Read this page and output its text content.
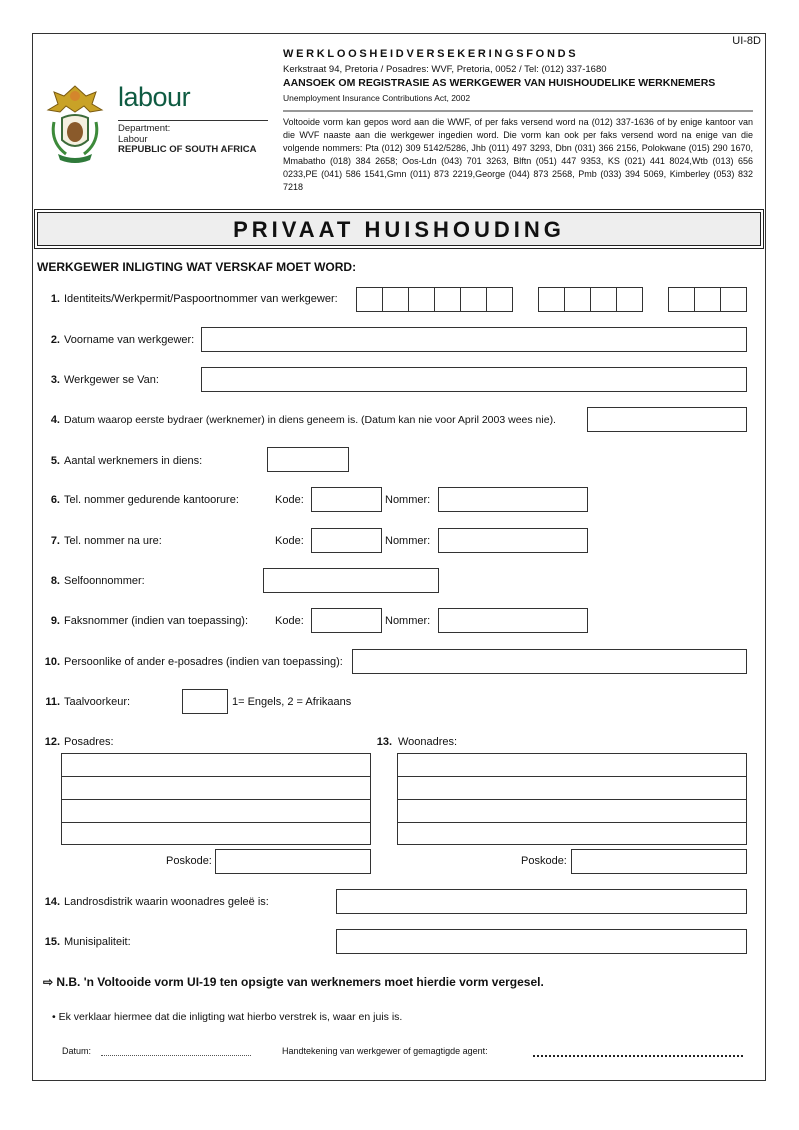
UI-8D
labour
Department:
Labour
REPUBLIC OF SOUTH AFRICA
WERKLOOSHEIDVERSEKERINGSFONDS
Kerkstraat 94, Pretoria / Posadres: WVF, Pretoria, 0052 / Tel: (012) 337-1680
AANSOEK OM REGISTRASIE AS WERKGEWER VAN HUISHOUDELIKE WERKNEMERS
Unemployment Insurance Contributions Act, 2002
Voltooide vorm kan gepos word aan die WWF, of per faks versend word na (012) 337-1636 of by enige kantoor van die WVF naaste aan die werkgewer ingedien word. Die vorm kan ook per faks versend word na enige van die volgende nommers: Pta (012) 309 5142/5286, Jhb (011) 497 3293, Dbn (031) 366 2156, Polokwane (015) 290 1670, Mmabatho (018) 384 2658; Oos-Ldn (043) 701 3263, Blftn (051) 447 9353, KS (021) 441 8024,Wtb (013) 656 0233,PE (041) 586 1541,Gmn (011) 873 2219,George (044) 873 2568, Pmb (033) 394 5069, Kimberley (053) 832 7218
PRIVAAT HUISHOUDING
WERKGEWER INLIGTING WAT VERSKAF MOET WORD:
1. Identiteits/Werkpermit/Paspoortnommer van werkgewer:
2. Voorname van werkgewer:
3. Werkgewer se Van:
4. Datum waarop eerste bydraer (werknemer) in diens geneem is. (Datum kan nie voor April 2003 wees nie).
5. Aantal werknemers in diens:
6. Tel. nommer gedurende kantoorure:	Kode:	Nommer:
7. Tel. nommer na ure:	Kode:	Nommer:
8. Selfoonnommer:
9. Faksnommer (indien van toepassing): Kode:	Nommer:
10. Persoonlike of ander e-posadres (indien van toepassing):
11. Taalvoorkeur:	1= Engels, 2 = Afrikaans
12. Posadres:	13. Woonadres:
Poskode:	Poskode:
14. Landrosdistrik waarin woonadres geleë is:
15. Munisipaliteit:
⇨ N.B. 'n Voltooide vorm UI-19 ten opsigte van werknemers moet hierdie vorm vergesel.
• Ek verklaar hiermee dat die inligting wat hierbo verstrek is, waar en juis is.
Datum:	Handtekening van werkgewer of gemagtigde agent:
